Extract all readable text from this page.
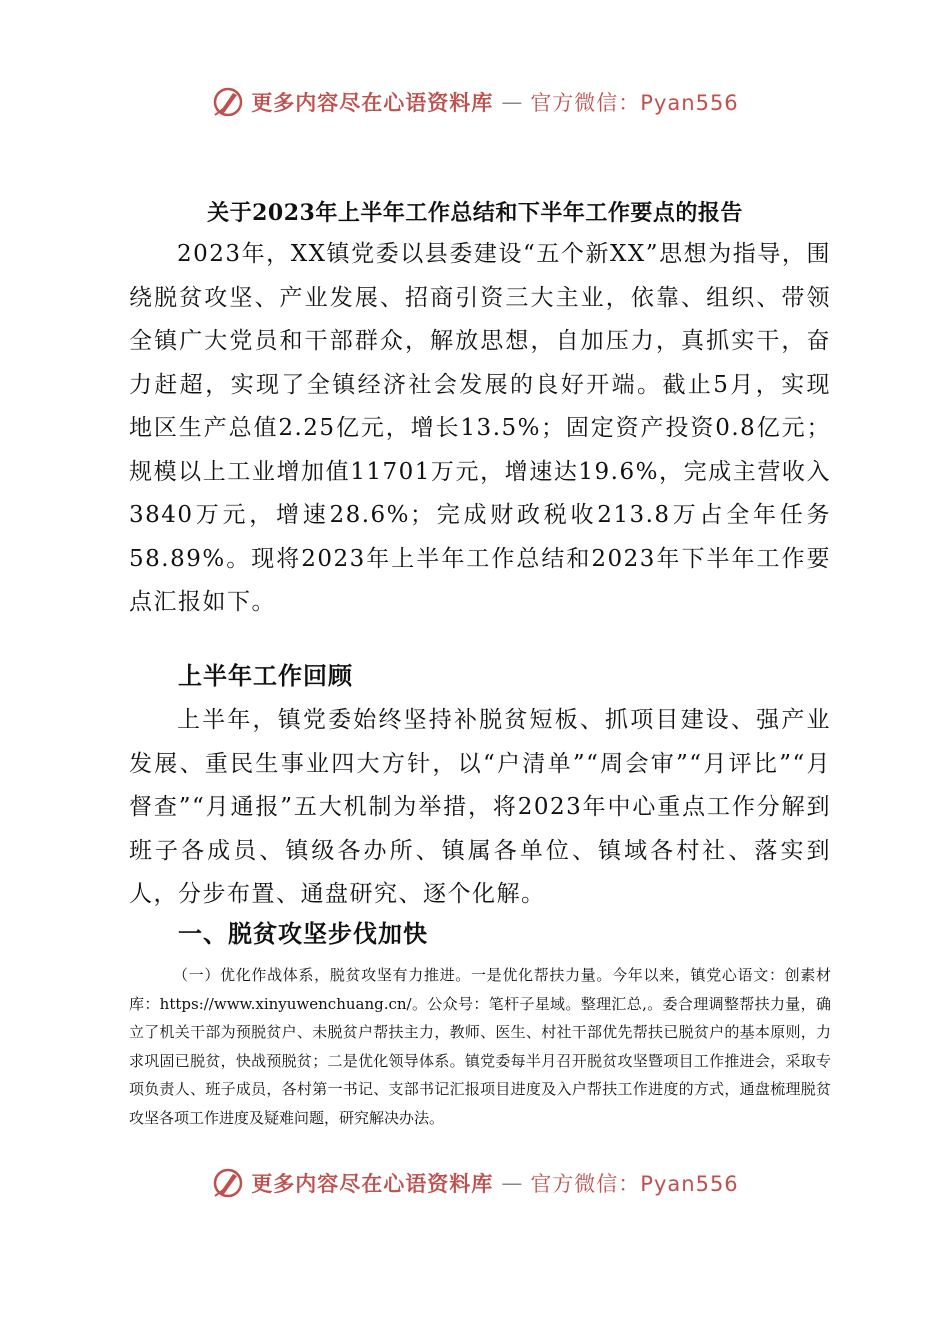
更多内容尽在心语资料库 — 官方微信：Pyan556
关于2023年上半年工作总结和下半年工作要点的报告
2023年，XX镇党委以县委建设“五个新XX”思想为指导，围绕脱贫攻坚、产业发展、招商引资三大主业，依靠、组织、带领全镇广大党员和干部群众，解放思想，自加压力，真抓实干，奋力赶超，实现了全镇经济社会发展的良好开端。截止5月，实现地区生产总值2.25亿元，增长13.5%；固定资产投资0.8亿元；规模以上工业增加值11701万元，增速达19.6%，完成主营收入3840万元，增速28.6%；完成财政税收213.8万占全年任务58.89%。现将2023年上半年工作总结和2023年下半年工作要点汇报如下。
上半年工作回顾
上半年，镇党委始终坚持补脱贫短板、抓项目建设、强产业发展、重民生事业四大方针，以“户清单”“周会审”“月评比”“月督查”“月通报”五大机制为举措，将2023年中心重点工作分解到班子各成员、镇级各办所、镇属各单位、镇域各村社、落实到人，分步布置、通盘研究、逐个化解。
一、脱贫攻坚步伐加快
（一）优化作战体系，脱贫攻坚有力推进。一是优化帮扶力量。今年以来，镇党心语文：创素材库：https://www.xinyuwenchuang.cn/。公众号：笔杆子星域。整理汇总,。委合理调整帮扶力量，确立了机关干部为预脱贫户、未脱贫户帮扶主力，教师、医生、村社干部优先帮扶已脱贫户的基本原则，力求巩固已脱贫，快战预脱贫；二是优化领导体系。镇党委每半月召开脱贫攻坚暨项目工作推进会，采取专项负责人、班子成员，各村第一书记、支部书记汇报项目进度及入户帮扶工作进度的方式，通盘梳理脱贫攻坚各项工作进度及疑难问题，研究解决办法。
更多内容尽在心语资料库 — 官方微信：Pyan556
